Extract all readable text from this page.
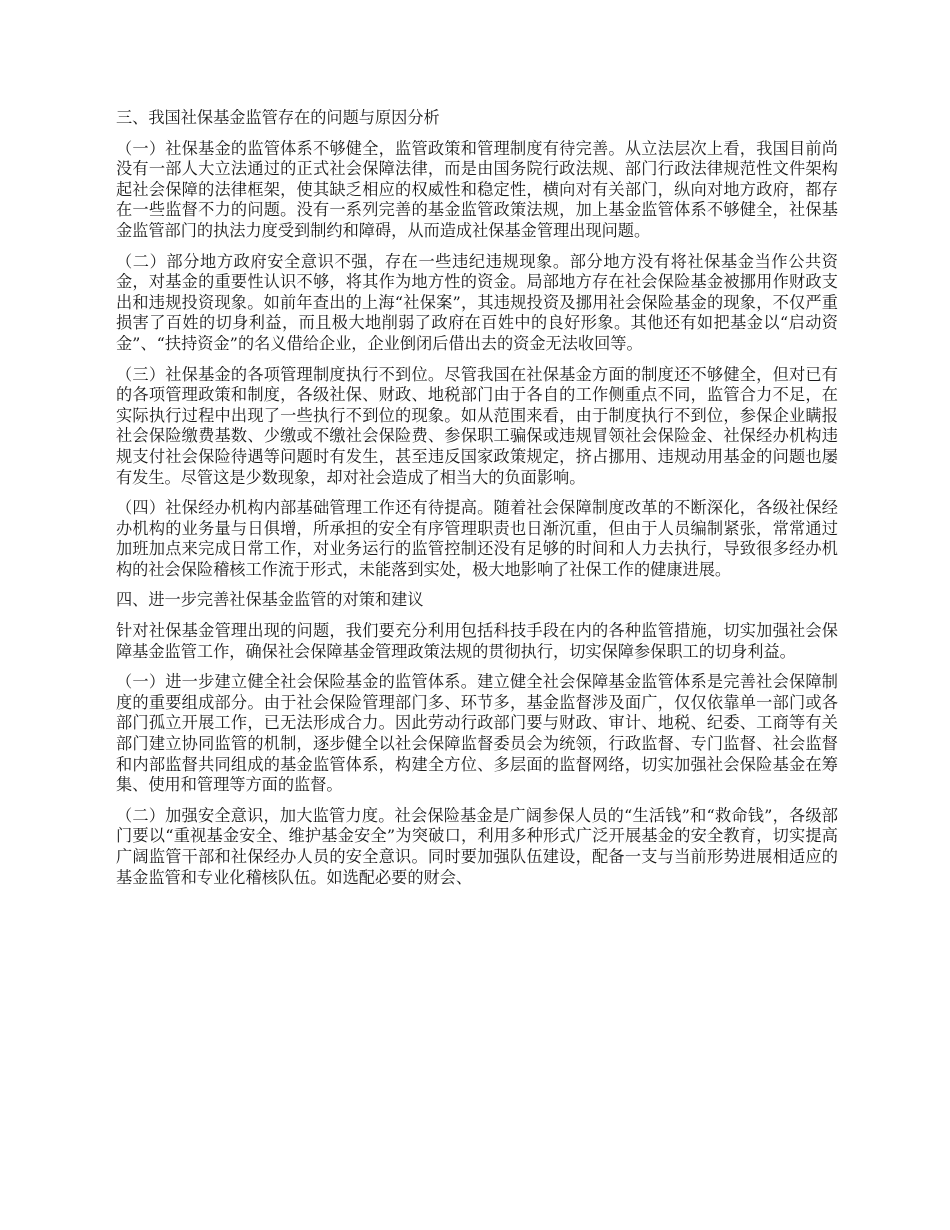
三、我国社保基金监管存在的问题与原因分析

（一）社保基金的监管体系不够健全，监管政策和管理制度有待完善。从立法层次上看，我国目前尚没有一部人大立法通过的正式社会保障法律，而是由国务院行政法规、部门行政法律规范性文件架构起社会保障的法律框架，使其缺乏相应的权威性和稳定性，横向对有关部门，纵向对地方政府，都存在一些监督不力的问题。没有一系列完善的基金监管政策法规，加上基金监管体系不够健全，社保基金监管部门的执法力度受到制约和障碍，从而造成社保基金管理出现问题。

（二）部分地方政府安全意识不强，存在一些违纪违规现象。部分地方没有将社保基金当作公共资金，对基金的重要性认识不够，将其作为地方性的资金。局部地方存在社会保险基金被挪用作财政支出和违规投资现象。如前年查出的上海“社保案”，其违规投资及挪用社会保险基金的现象，不仅严重损害了百姓的切身利益，而且极大地削弱了政府在百姓中的良好形象。其他还有如把基金以“启动资金”、“扶持资金”的名义借给企业，企业倒闭后借出去的资金无法收回等。

（三）社保基金的各项管理制度执行不到位。尽管我国在社保基金方面的制度还不够健全，但对已有的各项管理政策和制度，各级社保、财政、地税部门由于各自的工作侧重点不同，监管合力不足，在实际执行过程中出现了一些执行不到位的现象。如从范围来看，由于制度执行不到位，参保企业瞒报社会保险缴费基数、少缴或不缴社会保险费、参保职工骗保或违规冒领社会保险金、社保经办机构违规支付社会保险待遇等问题时有发生，甚至违反国家政策规定，挤占挪用、违规动用基金的问题也屡有发生。尽管这是少数现象，却对社会造成了相当大的负面影响。

（四）社保经办机构内部基础管理工作还有待提高。随着社会保障制度改革的不断深化，各级社保经办机构的业务量与日俱增，所承担的安全有序管理职责也日渐沉重，但由于人员编制紧张，常常通过加班加点来完成日常工作，对业务运行的监管控制还没有足够的时间和人力去执行，导致很多经办机构的社会保险稽核工作流于形式，未能落到实处，极大地影响了社保工作的健康进展。

四、进一步完善社保基金监管的对策和建议

针对社保基金管理出现的问题，我们要充分利用包括科技手段在内的各种监管措施，切实加强社会保障基金监管工作，确保社会保障基金管理政策法规的贯彻执行，切实保障参保职工的切身利益。

（一）进一步建立健全社会保险基金的监管体系。建立健全社会保障基金监管体系是完善社会保障制度的重要组成部分。由于社会保险管理部门多、环节多，基金监督涉及面广，仅仅依靠单一部门或各部门孤立开展工作，已无法形成合力。因此劳动行政部门要与财政、审计、地税、纪委、工商等有关部门建立协同监管的机制，逐步健全以社会保障监督委员会为统领，行政监督、专门监督、社会监督和内部监督共同组成的基金监管体系，构建全方位、多层面的监督网络，切实加强社会保险基金在筹集、使用和管理等方面的监督。

（二）加强安全意识，加大监管力度。社会保险基金是广阔参保人员的“生活钱”和“救命钱”，各级部门要以“重视基金安全、维护基金安全”为突破口，利用多种形式广泛开展基金的安全教育，切实提高广阔监管干部和社保经办人员的安全意识。同时要加强队伍建设，配备一支与当前形势进展相适应的基金监管和专业化稽核队伍。如选配必要的财会、
